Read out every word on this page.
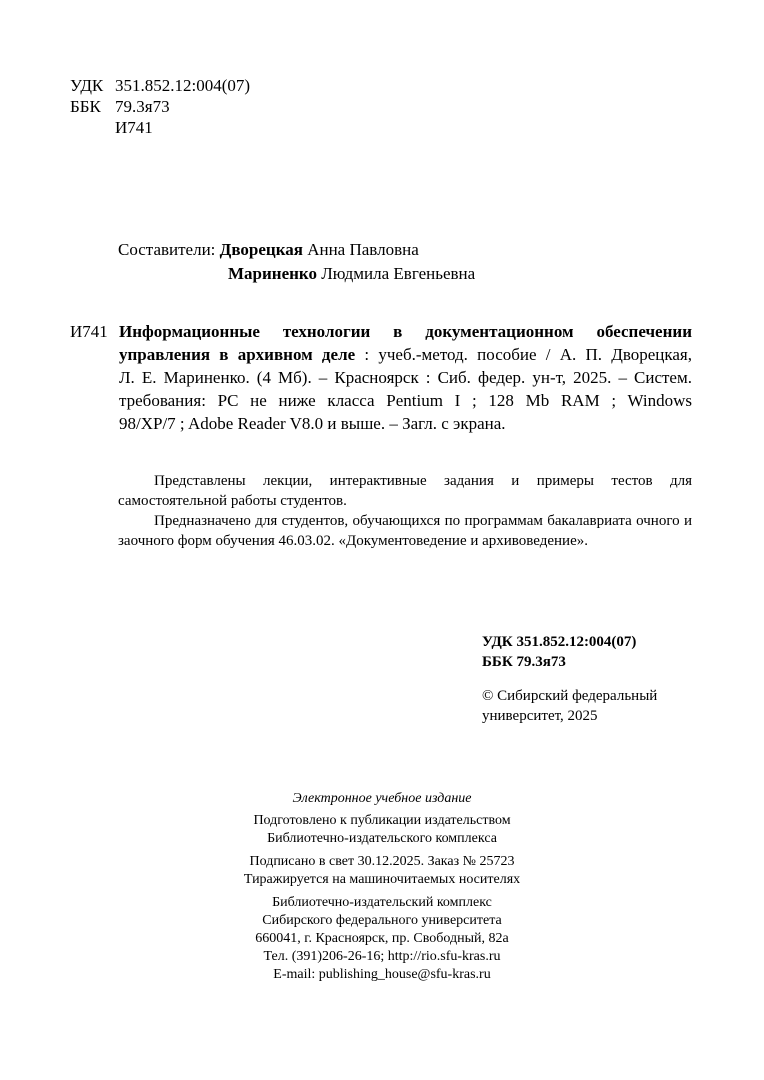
УДК 351.852.12:004(07)
ББК 79.3я73
И741
Составители: Дворецкая Анна Павловна
Мариненко Людмила Евгеньевна
И741 Информационные технологии в документационном обеспечении
управления в архивном деле : учеб.-метод. пособие / А. П. Дворецкая,
Л. Е. Мариненко. (4 Мб). – Красноярск : Сиб. федер. ун-т, 2025. – Систем.
требования: PC не ниже класса Pentium I ; 128 Mb RAM ; Windows
98/XP/7 ; Adobe Reader V8.0 и выше. – Загл. с экрана.
Представлены лекции, интерактивные задания и примеры тестов для самостоятельной работы студентов.
Предназначено для студентов, обучающихся по программам бакалавриата очного и заочного форм обучения 46.03.02. «Документоведение и архивоведение».
УДК 351.852.12:004(07)
ББК 79.3я73
© Сибирский федеральный
университет, 2025
Электронное учебное издание
Подготовлено к публикации издательством
Библиотечно-издательского комплекса
Подписано в свет 30.12.2025. Заказ № 25723
Тиражируется на машиночитаемых носителях
Библиотечно-издательский комплекс
Сибирского федерального университета
660041, г. Красноярск, пр. Свободный, 82а
Тел. (391)206-26-16; http://rio.sfu-kras.ru
E-mail: publishing_house@sfu-kras.ru
